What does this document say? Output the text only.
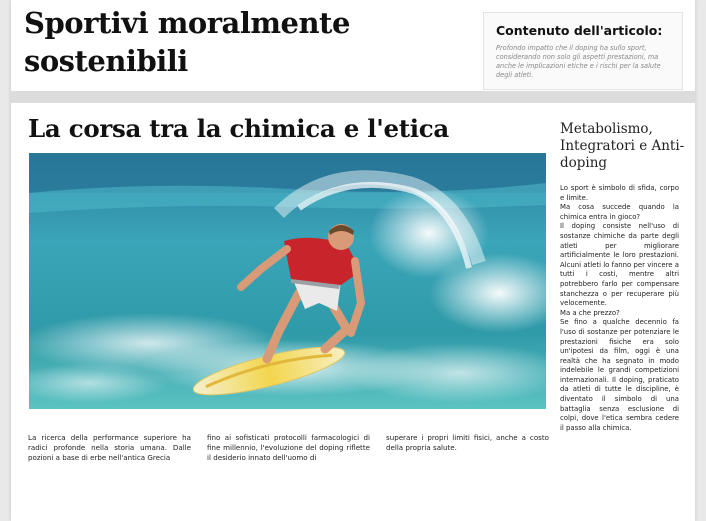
Sportivi moralmente
sostenibili
Contenuto dell'articolo:
Profondo impatto che il doping ha sullo sport, considerando non solo gli aspetti prestazioni, ma anche le implicazioni etiche e i rischi per la salute degli atleti.
La corsa tra la chimica e l'etica
La ricerca della performance superiore ha radici profonde nella storia umana. Dalle pozioni a base di erbe nell'antica Grecia
fino ai sofisticati protocolli farmacologici di fine millennio, l'evoluzione del doping riflette il desiderio innato dell'uomo di
superare i propri limiti fisici, anche a costo della propria salute.
Metabolismo, Integratori e Anti-doping

Lo sport è simbolo di sfida, corpo e limite.

Ma cosa succede quando la chimica entra in gioco?

Il doping consiste nell'uso di sostanze chimiche da parte degli atleti per migliorare artificialmente le loro prestazioni. Alcuni atleti lo fanno per vincere a tutti i costi, mentre altri potrebbero farlo per compensare stanchezza o per recuperare più velocemente.

Ma a che prezzo?

Se fino a qualche decennio fa l'uso di sostanze per potenziare le prestazioni fisiche era solo un'ipotesi da film, oggi è una realtà che ha segnato in modo indelebile le grandi competizioni internazionali. Il doping, praticato da atleti di tutte le discipline, è diventato il simbolo di una battaglia senza esclusione di colpi, dove l'etica sembra cedere il passo alla chimica.
